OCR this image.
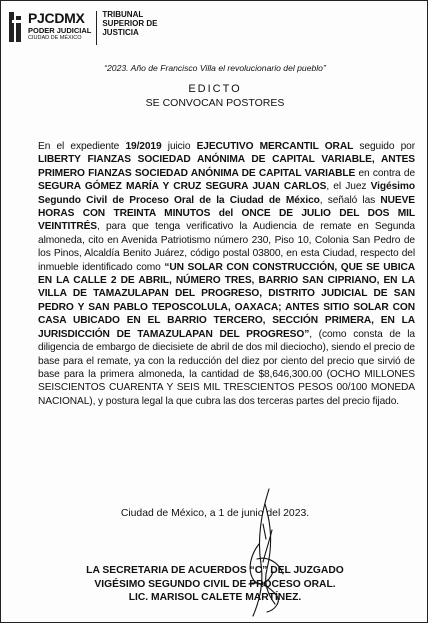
PJCDMX
PODER JUDICIAL
CIUDAD DE MÉXICO
TRIBUNAL
SUPERIOR DE
JUSTICIA
“2023. Año de Francisco Villa el revolucionario del pueblo”
EDICTO
SE CONVOCAN POSTORES
En el expediente 19/2019 juicio EJECUTIVO MERCANTIL ORAL seguido por LIBERTY FIANZAS SOCIEDAD ANÓNIMA DE CAPITAL VARIABLE, ANTES PRIMERO FIANZAS SOCIEDAD ANÓNIMA DE CAPITAL VARIABLE en contra de SEGURA GÓMEZ MARÍA Y CRUZ SEGURA JUAN CARLOS, el Juez Vigésimo Segundo Civil de Proceso Oral de la Ciudad de México, señaló las NUEVE HORAS CON TREINTA MINUTOS del ONCE DE JULIO DEL DOS MIL VEINTITRÉS, para que tenga verificativo la Audiencia de remate en Segunda almoneda, cito en Avenida Patriotismo número 230, Piso 10, Colonia San Pedro de los Pinos, Alcaldía Benito Juárez, código postal 03800, en esta Ciudad, respecto del inmueble identificado como “UN SOLAR CON CONSTRUCCIÓN, QUE SE UBICA EN LA CALLE 2 DE ABRIL, NÚMERO TRES, BARRIO SAN CIPRIANO, EN LA VILLA DE TAMAZULAPAN DEL PROGRESO, DISTRITO JUDICIAL DE SAN PEDRO Y SAN PABLO TEPOSCOLULA, OAXACA; ANTES SITIO SOLAR CON CASA UBICADO EN EL BARRIO TERCERO, SECCIÓN PRIMERA, EN LA JURISDICCIÓN DE TAMAZULAPAN DEL PROGRESO”, (como consta de la diligencia de embargo de diecisiete de abril de dos mil dieciocho), siendo el precio de base para el remate, ya con la reducción del diez por ciento del precio que sirvió de base para la primera almoneda, la cantidad de $8,646,300.00 (OCHO MILLONES SEISCIENTOS CUARENTA Y SEIS MIL TRESCIENTOS PESOS 00/100 MONEDA NACIONAL), y postura legal la que cubra las dos terceras partes del precio fijado.
Ciudad de México, a 1 de junio del 2023.
LA SECRETARIA DE ACUERDOS “C” DEL JUZGADO
VIGÉSIMO SEGUNDO CIVIL DE PROCESO ORAL.
LIC. MARISOL CALETE MARTÍNEZ.
